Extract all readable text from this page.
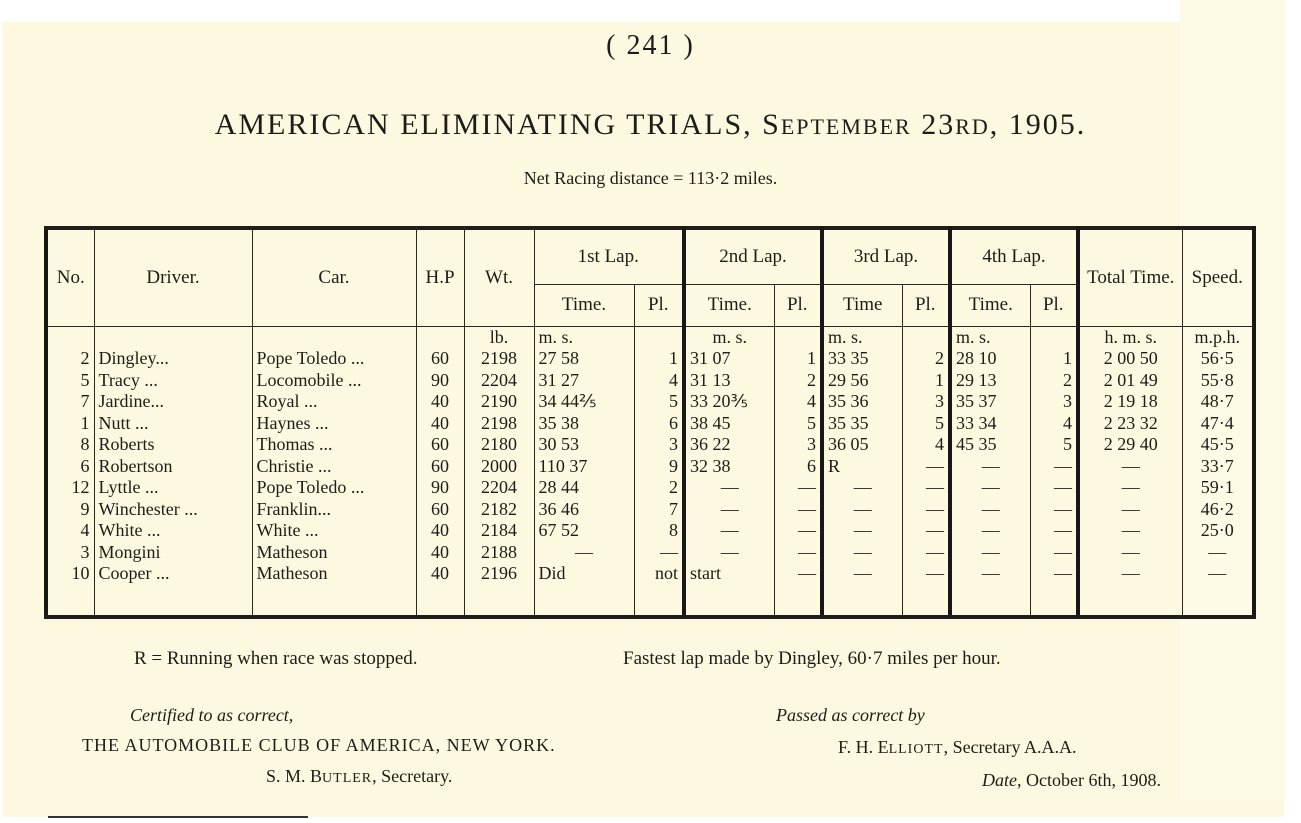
( 241 )
AMERICAN ELIMINATING TRIALS, SEPTEMBER 23RD, 1905.
Net Racing distance = 113·2 miles.
No.	Driver.	Car.	H.P	Wt.	1st Lap.		2nd Lap.		3rd Lap.		4th Lap.		Total Time.	Speed.
					Time.	Pl.	Time.	Pl.	Time	Pl.	Time.	Pl.		
				lb.	m. s.		m. s.		m. s.		m. s.		h. m. s.	m.p.h.
2	Dingley...	Pope Toledo ...	60	2198	27 58	1	31 07	1	33 35	2	28 10	1	2 00 50	56·5
5	Tracy ...	Locomobile ...	90	2204	31 27	4	31 13	2	29 56	1	29 13	2	2 01 49	55·8
7	Jardine...	Royal ...	40	2190	34 44⅖	5	33 20⅗	4	35 36	3	35 37	3	2 19 18	48·7
1	Nutt ...	Haynes ...	40	2198	35 38	6	38 45	5	35 35	5	33 34	4	2 23 32	47·4
8	Roberts	Thomas ...	60	2180	30 53	3	36 22	3	36 05	4	45 35	5	2 29 40	45·5
6	Robertson	Christie ...	60	2000	110 37	9	32 38	6	R	—	—	—	—	33·7
12	Lyttle ...	Pope Toledo ...	90	2204	28 44	2	—	—	—	—	—	—	—	59·1
9	Winchester ...	Franklin...	60	2182	36 46	7	—	—	—	—	—	—	—	46·2
4	White ...	White ...	40	2184	67 52	8	—	—	—	—	—	—	—	25·0
3	Mongini	Matheson	40	2188	—	—	—	—	—	—	—	—	—	—
10	Cooper ...	Matheson	40	2196	Did	not	start	—	—	—	—	—	—	—
R = Running when race was stopped.	Fastest lap made by Dingley, 60·7 miles per hour.
Certified to as correct,
THE AUTOMOBILE CLUB OF AMERICA, NEW YORK.
S. M. BUTLER, Secretary.
Passed as correct by
F. H. ELLIOTT, Secretary A.A.A.
Date, October 6th, 1908.
